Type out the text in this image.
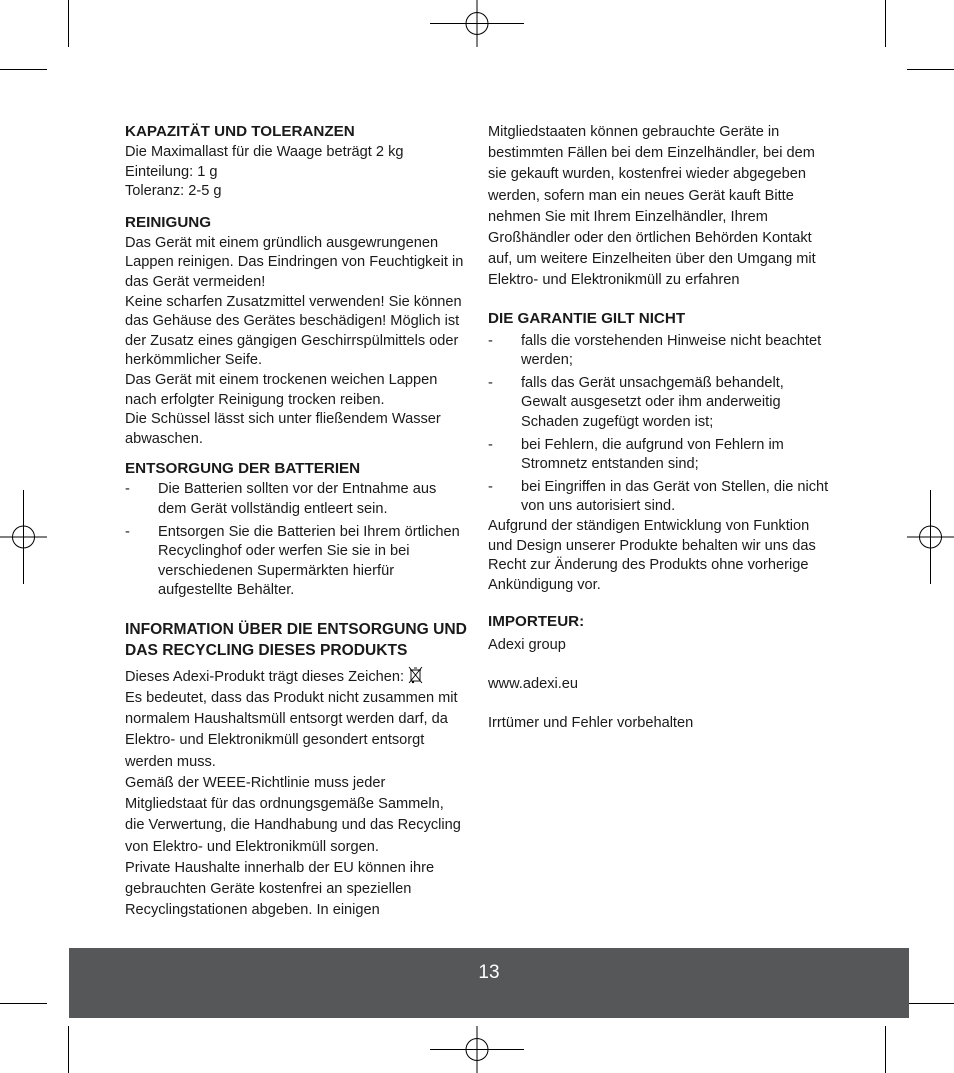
KAPAZITÄT UND TOLERANZEN

Die Maximallast für die Waage beträgt 2 kg

Einteilung: 1 g

Toleranz: 2-5 g

REINIGUNG

Das Gerät mit einem gründlich ausgewrungenen Lappen reinigen. Das Eindringen von Feuchtigkeit in das Gerät vermeiden!

Keine scharfen Zusatzmittel verwenden! Sie können das Gehäuse des Gerätes beschädigen! Möglich ist der Zusatz eines gängigen Geschirrspülmittels oder herkömmlicher Seife.

Das Gerät mit einem trockenen weichen Lappen nach erfolgter Reinigung trocken reiben.

Die Schüssel lässt sich unter fließendem Wasser abwaschen.

ENTSORGUNG DER BATTERIEN
- Die Batterien sollten vor der Entnahme aus dem Gerät vollständig entleert sein.
- Entsorgen Sie die Batterien bei Ihrem örtlichen Recyclinghof oder werfen Sie sie in bei verschiedenen Supermärkten hierfür aufgestellte Behälter.
INFORMATION ÜBER DIE ENTSORGUNG UND DAS RECYCLING DIESES PRODUKTS

Dieses Adexi-Produkt trägt dieses Zeichen:

Es bedeutet, dass das Produkt nicht zusammen mit normalem Haushaltsmüll entsorgt werden darf, da Elektro- und Elektronikmüll gesondert entsorgt werden muss.

Gemäß der WEEE-Richtlinie muss jeder Mitgliedstaat für das ordnungsgemäße Sammeln, die Verwertung, die Handhabung und das Recycling von Elektro- und Elektronikmüll sorgen.

Private Haushalte innerhalb der EU können ihre gebrauchten Geräte kostenfrei an speziellen Recyclingstationen abgeben. In einigen

Mitgliedstaaten können gebrauchte Geräte in bestimmten Fällen bei dem Einzelhändler, bei dem sie gekauft wurden, kostenfrei wieder abgegeben werden, sofern man ein neues Gerät kauft Bitte nehmen Sie mit Ihrem Einzelhändler, Ihrem Großhändler oder den örtlichen Behörden Kontakt auf, um weitere Einzelheiten über den Umgang mit Elektro- und Elektronikmüll zu erfahren

DIE GARANTIE GILT NICHT
- falls die vorstehenden Hinweise nicht beachtet werden;
- falls das Gerät unsachgemäß behandelt, Gewalt ausgesetzt oder ihm anderweitig Schaden zugefügt worden ist;
- bei Fehlern, die aufgrund von Fehlern im Stromnetz entstanden sind;
- bei Eingriffen in das Gerät von Stellen, die nicht von uns autorisiert sind.

Aufgrund der ständigen Entwicklung von Funktion und Design unserer Produkte behalten wir uns das Recht zur Änderung des Produkts ohne vorherige Ankündigung vor.

IMPORTEUR:

Adexi group

www.adexi.eu

Irrtümer und Fehler vorbehalten

13
